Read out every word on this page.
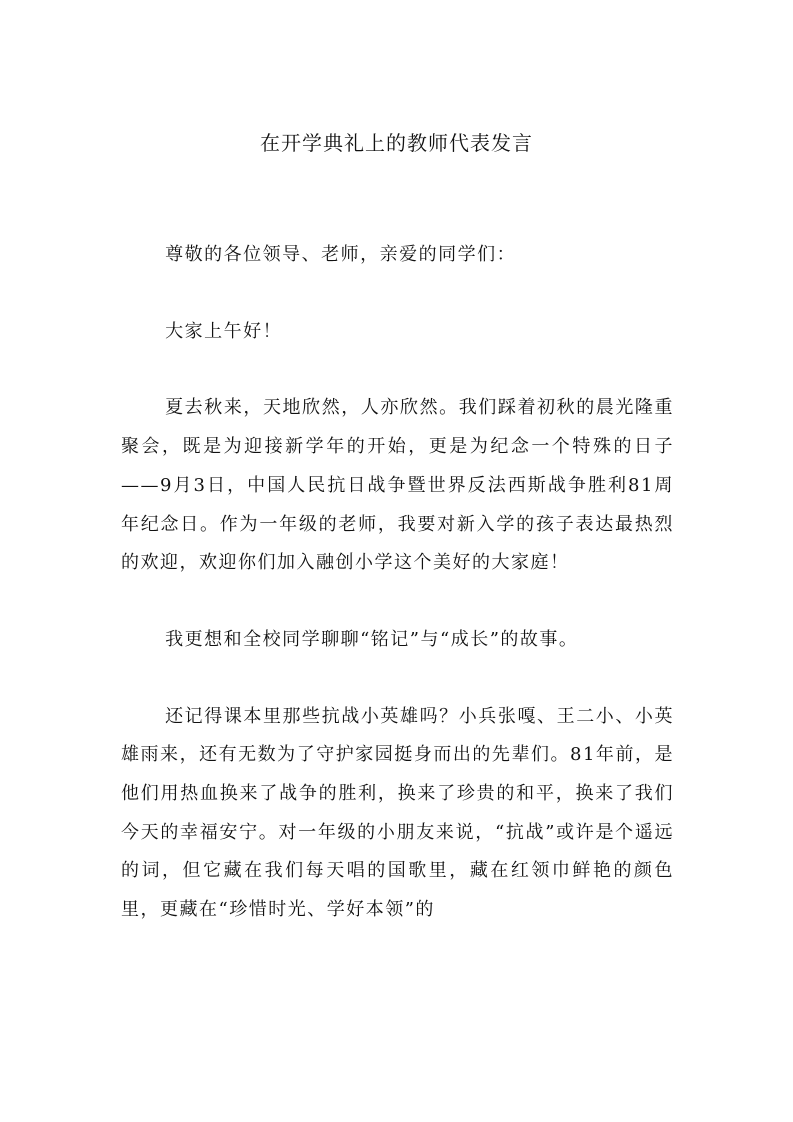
在开学典礼上的教师代表发言

尊敬的各位领导、老师，亲爱的同学们：

大家上午好！

夏去秋来，天地欣然，人亦欣然。我们踩着初秋的晨光隆重聚会，既是为迎接新学年的开始，更是为纪念一个特殊的日子——9月3日，中国人民抗日战争暨世界反法西斯战争胜利81周年纪念日。作为一年级的老师，我要对新入学的孩子表达最热烈的欢迎，欢迎你们加入融创小学这个美好的大家庭！

我更想和全校同学聊聊“铭记”与“成长”的故事。

还记得课本里那些抗战小英雄吗？小兵张嘎、王二小、小英雄雨来，还有无数为了守护家园挺身而出的先辈们。81年前，是他们用热血换来了战争的胜利，换来了珍贵的和平，换来了我们今天的幸福安宁。对一年级的小朋友来说，“抗战”或许是个遥远的词，但它藏在我们每天唱的国歌里，藏在红领巾鲜艳的颜色里，更藏在“珍惜时光、学好本领”的
